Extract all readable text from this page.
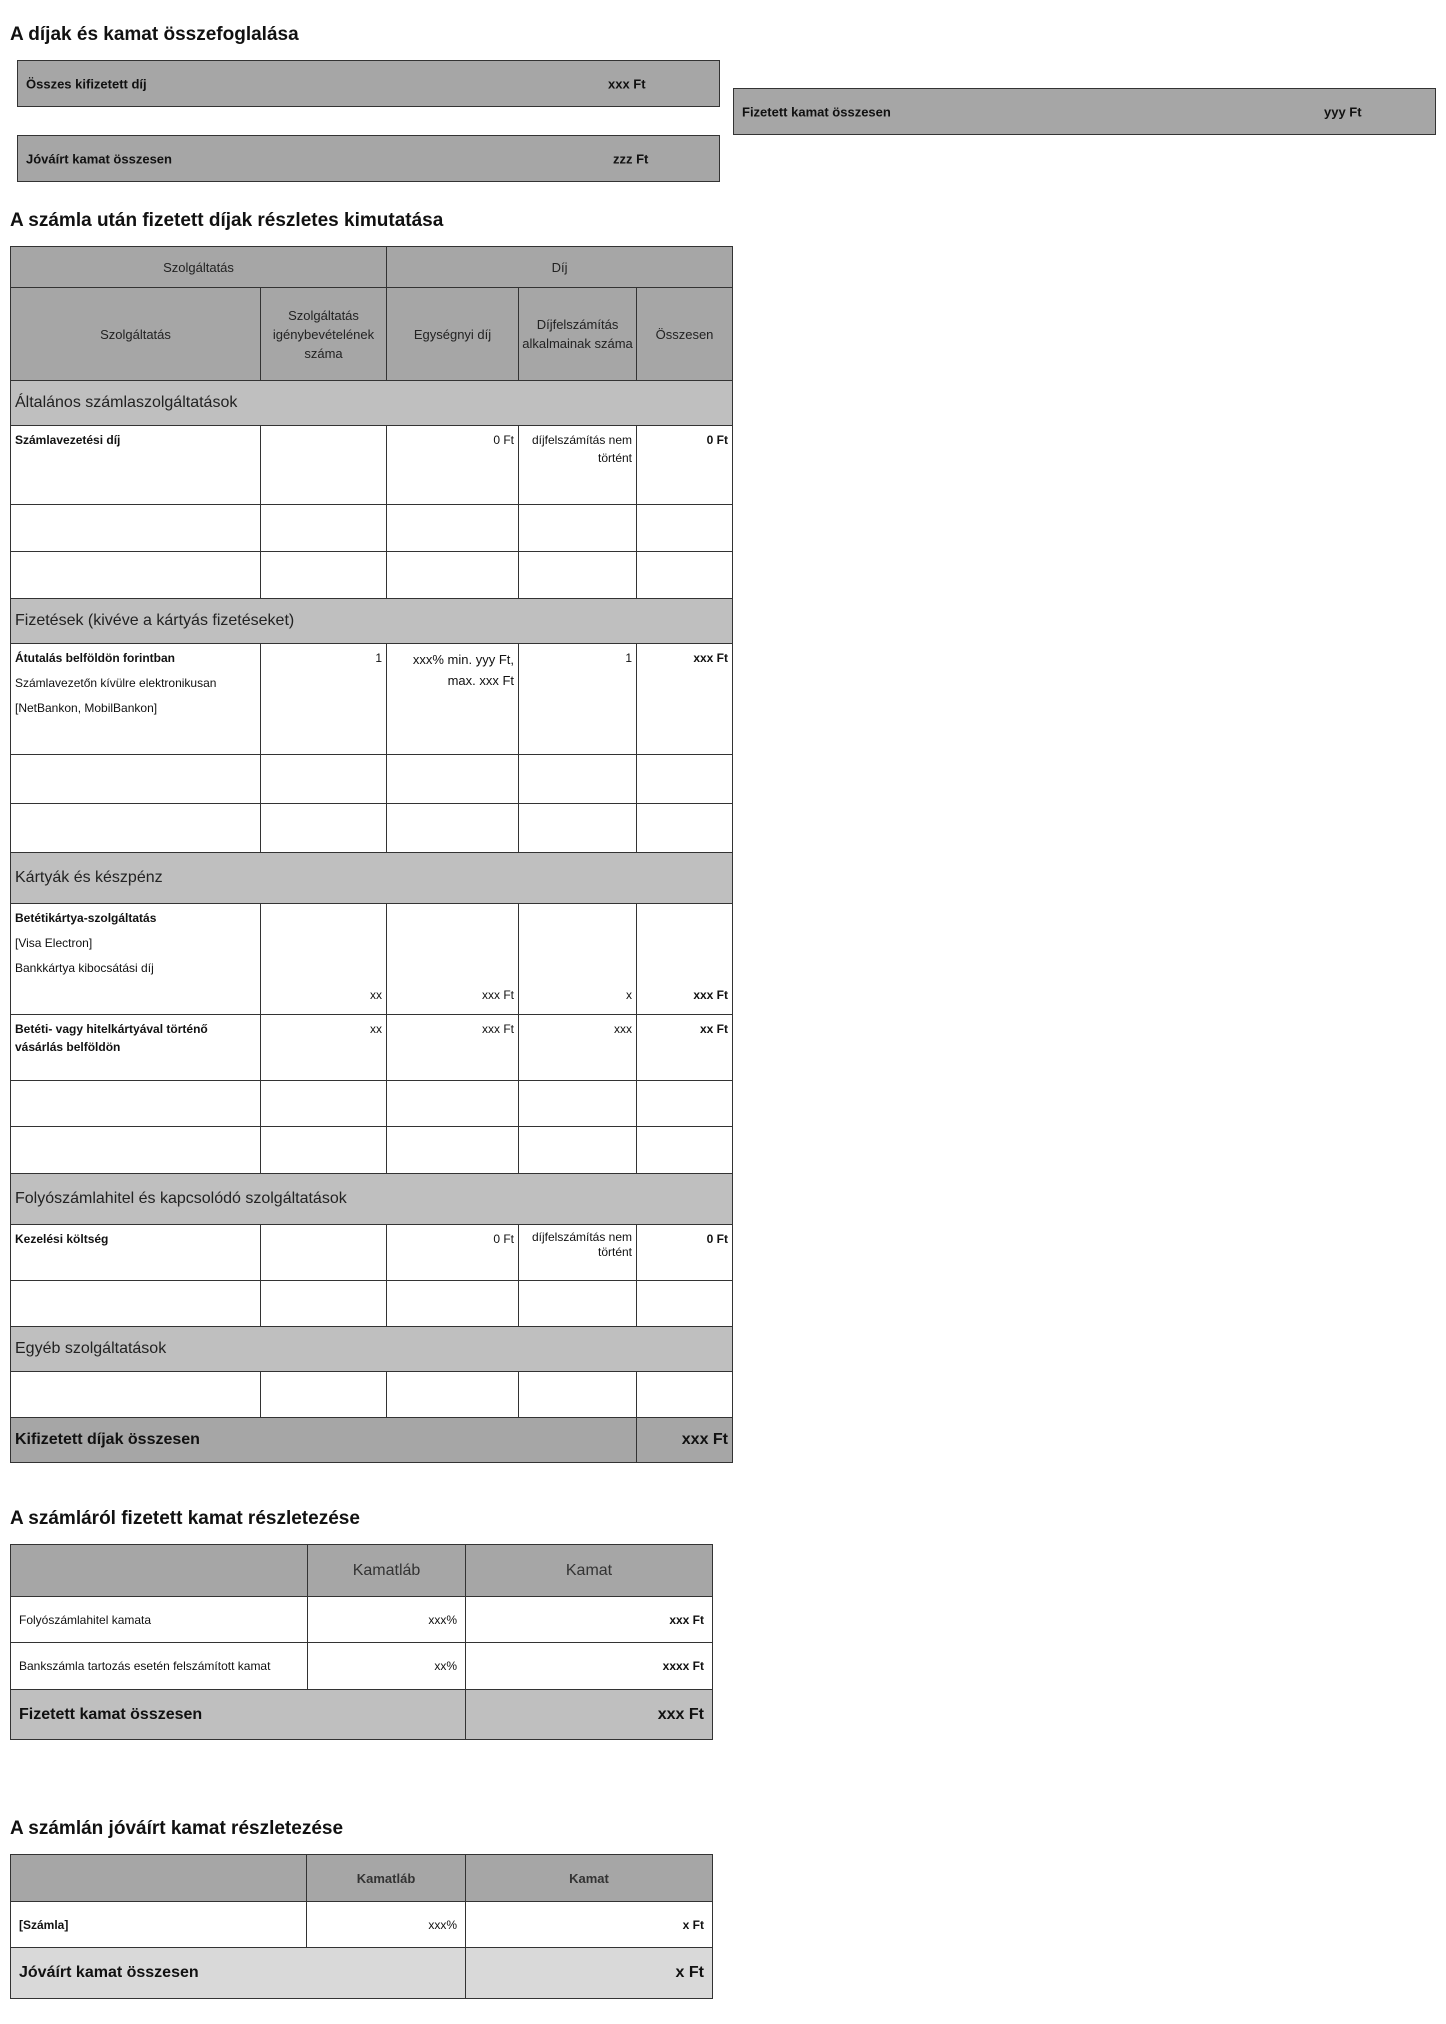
A díjak és kamat összefoglalása
Összes kifizetett díj	xxx Ft
Fizetett kamat összesen	yyy Ft
Jóváírt kamat összesen	zzz Ft
A számla után fizetett díjak részletes kimutatása
Szolgáltatás		Díj		
Szolgáltatás	Szolgáltatás igénybevételének száma	Egységnyi díj	Díjfelszámítás alkalmainak száma	Összesen
Általános számlaszolgáltatások				
Számlavezetési díj		0 Ft	díjfelszámítás nem történt	0 Ft

Fizetések (kivéve a kártyás fizetéseket)				

Átutalás belföldön forintban
Számlavezetőn kívülre elektronikusan
[NetBankon, MobilBankon]	1	xxx% min. yyy Ft, max. xxx Ft	1	xxx Ft

Kártyák és készpénz				

Betétikártya-szolgáltatás
[Visa Electron]
Bankkártya kibocsátási díj	xx	xxx Ft	x	xxx Ft
Betéti- vagy hitelkártyával történő vásárlás belföldön	xx	xxx Ft	xxx	xx Ft

Folyószámlahitel és kapcsolódó szolgáltatások				
Kezelési költség		0 Ft	díjfelszámítás nem történt	0 Ft

Egyéb szolgáltatások				

Kifizetett díjak összesen				xxx Ft
A számláról fizetett kamat részletezése
	Kamatláb	Kamat
Folyószámlahitel kamata	xxx%	xxx Ft
Bankszámla tartozás esetén felszámított kamat	xx%	xxxx Ft
Fizetett kamat összesen		xxx Ft
A számlán jóváírt kamat részletezése
	Kamatláb	Kamat
[Számla]	xxx%	x Ft
Jóváírt kamat összesen		x Ft
